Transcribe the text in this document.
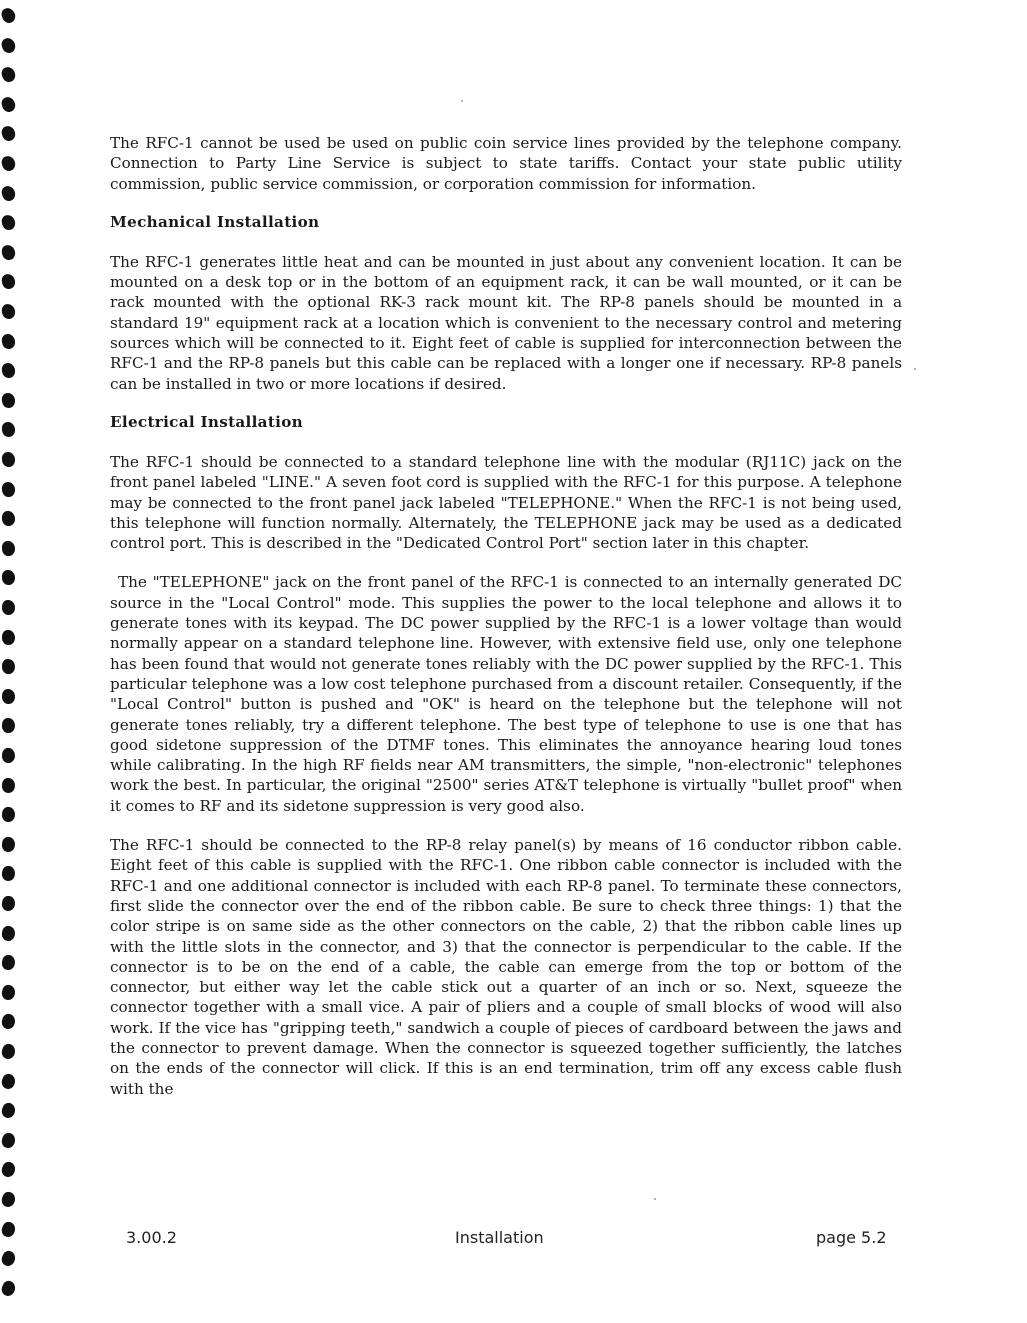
The RFC-1 cannot be used be used on public coin service lines provided by the telephone company. Connection to Party Line Service is subject to state tariffs. Contact your state public utility commission, public service commission, or corporation commission for information.

Mechanical Installation

The RFC-1 generates little heat and can be mounted in just about any convenient location. It can be mounted on a desk top or in the bottom of an equipment rack, it can be wall mounted, or it can be rack mounted with the optional RK-3 rack mount kit. The RP-8 panels should be mounted in a standard 19" equipment rack at a location which is convenient to the necessary control and metering sources which will be connected to it. Eight feet of cable is supplied for interconnection between the RFC-1 and the RP-8 panels but this cable can be replaced with a longer one if necessary. RP-8 panels can be installed in two or more locations if desired.

Electrical Installation

The RFC-1 should be connected to a standard telephone line with the modular (RJ11C) jack on the front panel labeled "LINE." A seven foot cord is supplied with the RFC-1 for this purpose. A telephone may be connected to the front panel jack labeled "TELEPHONE." When the RFC-1 is not being used, this telephone will function normally. Alternately, the TELEPHONE jack may be used as a dedicated control port. This is described in the "Dedicated Control Port" section later in this chapter.

The "TELEPHONE" jack on the front panel of the RFC-1 is connected to an internally generated DC source in the "Local Control" mode. This supplies the power to the local telephone and allows it to generate tones with its keypad. The DC power supplied by the RFC-1 is a lower voltage than would normally appear on a standard telephone line. However, with extensive field use, only one telephone has been found that would not generate tones reliably with the DC power supplied by the RFC-1. This particular telephone was a low cost telephone purchased from a discount retailer. Consequently, if the "Local Control" button is pushed and "OK" is heard on the telephone but the telephone will not generate tones reliably, try a different telephone. The best type of telephone to use is one that has good sidetone suppression of the DTMF tones. This eliminates the annoyance hearing loud tones while calibrating. In the high RF fields near AM transmitters, the simple, "non-electronic" telephones work the best. In particular, the original "2500" series AT&T telephone is virtually "bullet proof" when it comes to RF and its sidetone suppression is very good also.

The RFC-1 should be connected to the RP-8 relay panel(s) by means of 16 conductor ribbon cable. Eight feet of this cable is supplied with the RFC-1. One ribbon cable connector is included with the RFC-1 and one additional connector is included with each RP-8 panel. To terminate these connectors, first slide the connector over the end of the ribbon cable. Be sure to check three things: 1) that the color stripe is on same side as the other connectors on the cable, 2) that the ribbon cable lines up with the little slots in the connector, and 3) that the connector is perpendicular to the cable. If the connector is to be on the end of a cable, the cable can emerge from the top or bottom of the connector, but either way let the cable stick out a quarter of an inch or so. Next, squeeze the connector together with a small vice. A pair of pliers and a couple of small blocks of wood will also work. If the vice has "gripping teeth," sandwich a couple of pieces of cardboard between the jaws and the connector to prevent damage. When the connector is squeezed together sufficiently, the latches on the ends of the connector will click. If this is an end termination, trim off any excess cable flush with the

3.00.2	Installation	page 5.2
